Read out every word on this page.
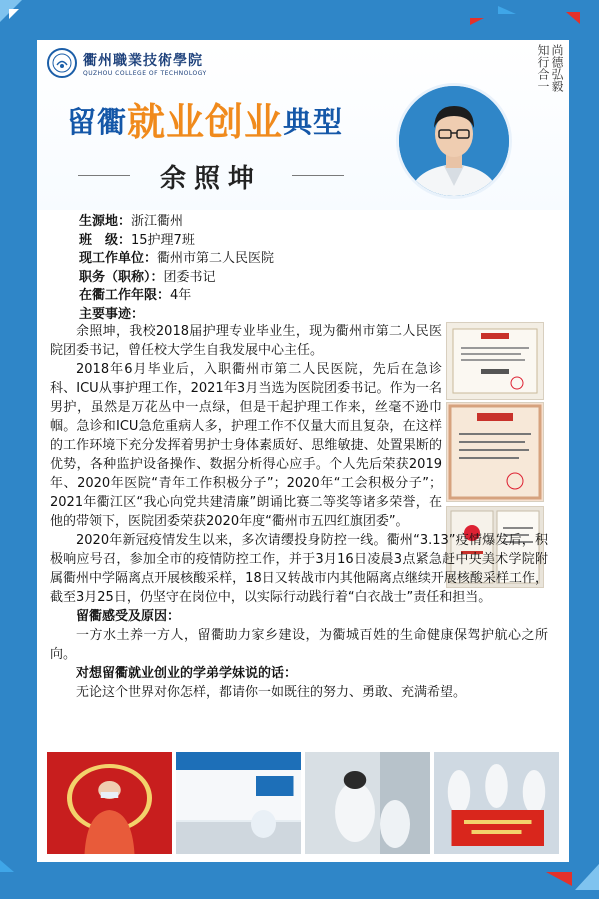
衢州職業技術學院
QUZHOU COLLEGE OF TECHNOLOGY	尚德弘毅
知行合一
留衢 就业创业 典型
余照坤
生源地：浙江衢州
班　级：15护理7班
现工作单位：衢州市第二人民医院
职务（职称）：团委书记
在衢工作年限：4年
主要事迹：

余照坤，我校2018届护理专业毕业生，现为衢州市第二人民医院团委书记，曾任校大学生自我发展中心主任。

2018年6月毕业后，入职衢州市第二人民医院，先后在急诊科、ICU从事护理工作，2021年3月当选为医院团委书记。作为一名男护，虽然是万花丛中一点绿，但是干起护理工作来，丝毫不逊巾帼。急诊和ICU急危重病人多，护理工作不仅量大而且复杂，在这样的工作环境下充分发挥着男护士身体素质好、思维敏捷、处置果断的优势，各种监护设备操作、数据分析得心应手。个人先后荣获2019年、2020年医院“青年工作积极分子”；2020年“工会积极分子”；2021年衢江区“我心向党共建清廉”朗诵比赛二等奖等诸多荣誉，在他的带领下，医院团委荣获2020年度“衢州市五四红旗团委”。

2020年新冠疫情发生以来，多次请缨投身防控一线。衢州“3.13”疫情爆发后，积极响应号召，参加全市的疫情防控工作，并于3月16日凌晨3点紧急赶中央美术学院附属衢州中学隔离点开展核酸采样，18日又转战市内其他隔离点继续开展核酸采样工作，截至3月25日，仍坚守在岗位中，以实际行动践行着“白衣战士”责任和担当。

留衢感受及原因：

一方水土养一方人，留衢助力家乡建设，为衢城百姓的生命健康保驾护航心之所向。

对想留衢就业创业的学弟学妹说的话：

无论这个世界对你怎样，都请你一如既往的努力、勇敢、充满希望。
